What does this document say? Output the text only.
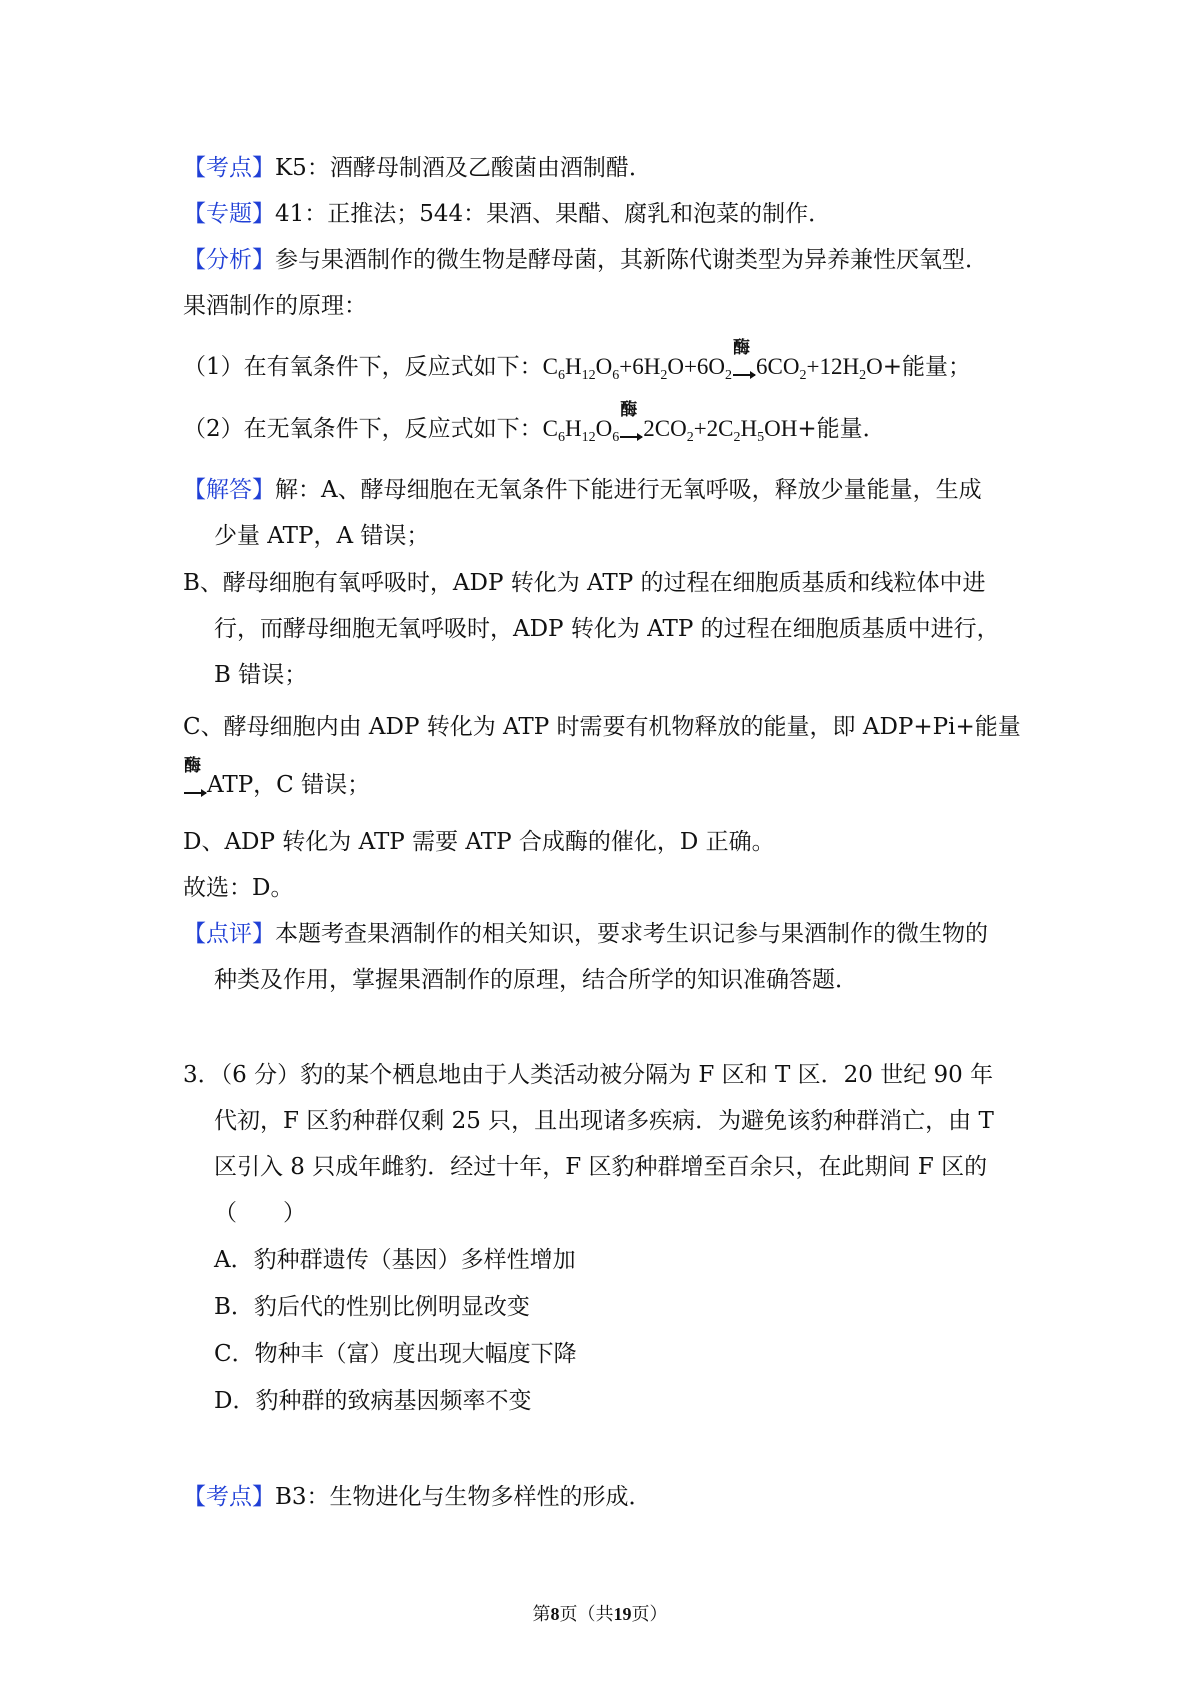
【考点】K5：酒酵母制酒及乙酸菌由酒制醋．
【专题】41：正推法；544：果酒、果醋、腐乳和泡菜的制作．
【分析】参与果酒制作的微生物是酵母菌，其新陈代谢类型为异养兼性厌氧型．
果酒制作的原理：
（1）在有氧条件下，反应式如下：$C_6H_{12}O_6+6H_2O+6O_2$
酶
$6CO_2+12H_2O+$能量；
（2）在无氧条件下，反应式如下：$C_6H_{12}O_6$
酶
$2CO_2+2C_2H_5OH+$能量．
【解答】解：A、酵母细胞在无氧条件下能进行无氧呼吸，释放少量能量，生成
少量 ATP，A 错误；
B、酵母细胞有氧呼吸时，ADP 转化为 ATP 的过程在细胞质基质和线粒体中进
行，而酵母细胞无氧呼吸时，ADP 转化为 ATP 的过程在细胞质基质中进行，
B 错误；
C、酵母细胞内由 ADP 转化为 ATP 时需要有机物释放的能量，即 ADP+Pi+能量
酶
ATP，C 错误；
D、ADP 转化为 ATP 需要 ATP 合成酶的催化，D 正确。
故选：D。
【点评】本题考查果酒制作的相关知识，要求考生识记参与果酒制作的微生物的
种类及作用，掌握果酒制作的原理，结合所学的知识准确答题．
3．（6 分）豹的某个栖息地由于人类活动被分隔为 F 区和 T 区．20 世纪 90 年
代初，F 区豹种群仅剩 25 只，且出现诸多疾病．为避免该豹种群消亡，由 T
区引入 8 只成年雌豹．经过十年，F 区豹种群增至百余只，在此期间 F 区的
（　　）
A．豹种群遗传（基因）多样性增加
B．豹后代的性别比例明显改变
C．物种丰（富）度出现大幅度下降
D．豹种群的致病基因频率不变
【考点】B3：生物进化与生物多样性的形成．
第8页（共19页）
